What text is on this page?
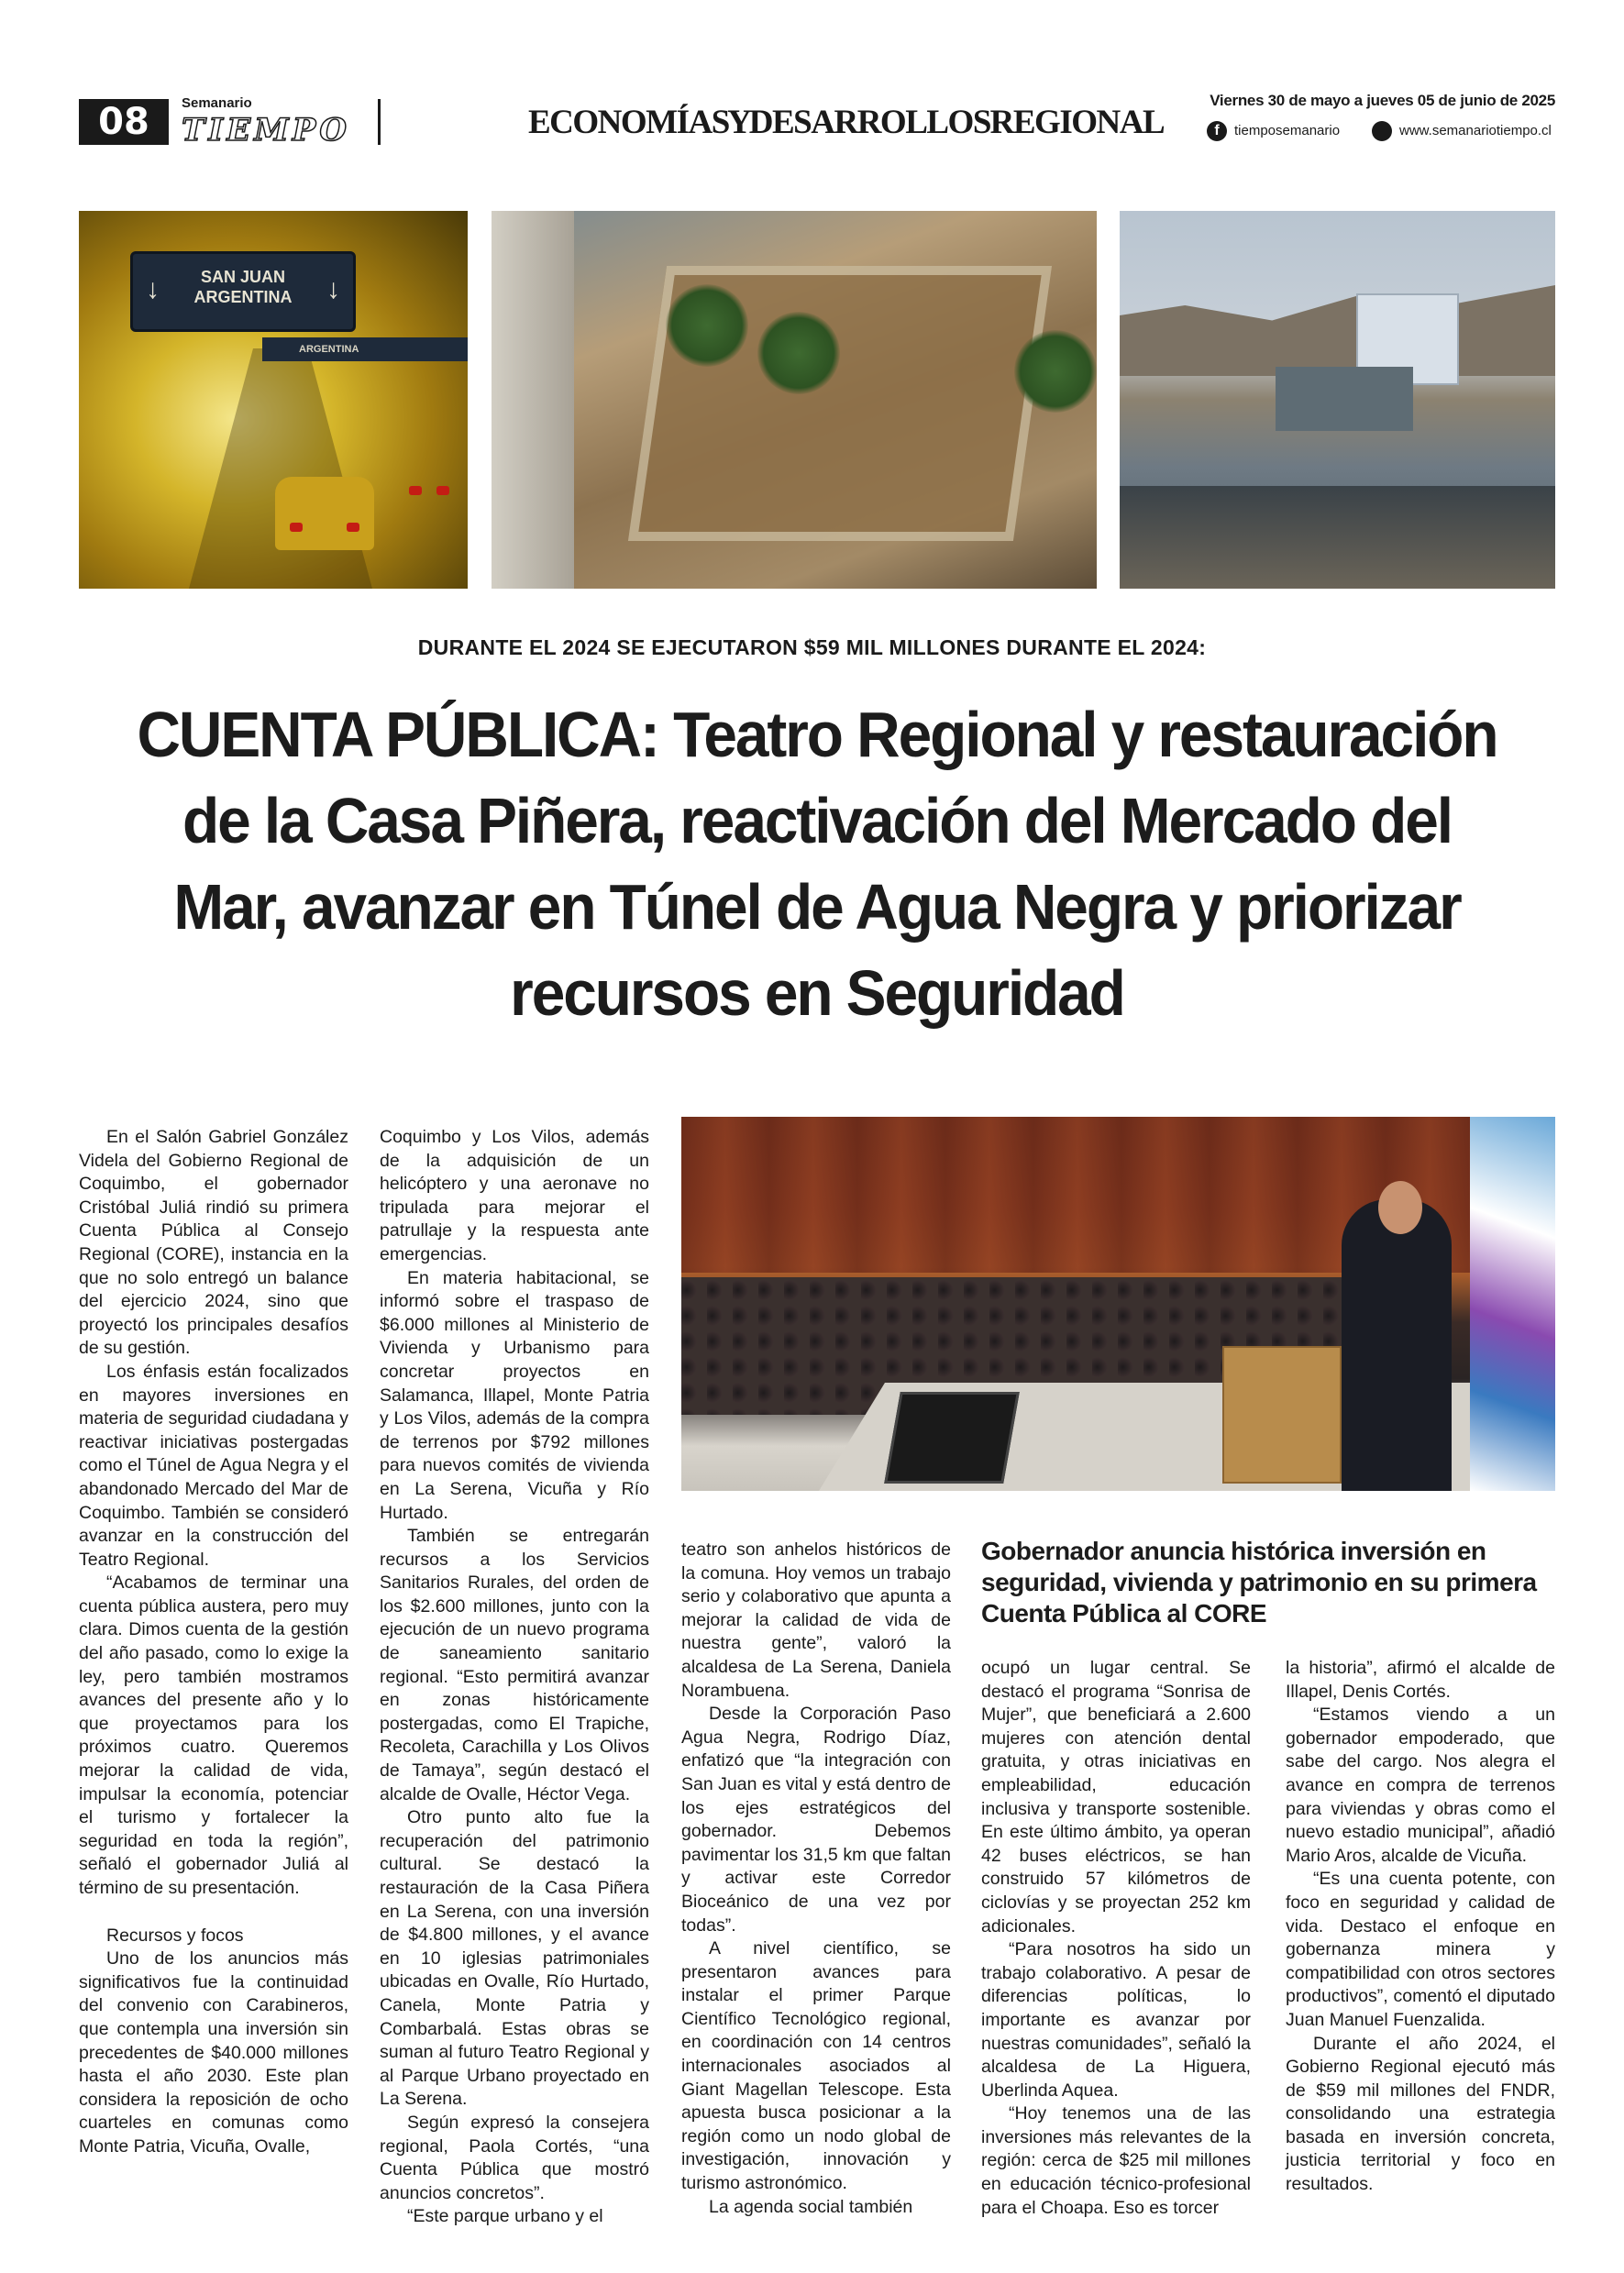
08	Semanario
TIEMPO	ECONOMÍAS Y DESARROLLOS REGIONAL
Viernes 30 de mayo a jueves 05 de junio de 2025
f	tiemposemanario	www.semanariotiempo.cl
↓	SAN JUAN
ARGENTINA	↓
ARGENTINA
DURANTE EL 2024 SE EJECUTARON $59 MIL MILLONES DURANTE EL 2024:
CUENTA PÚBLICA: Teatro Regional y restauración de la Casa Piñera, reactivación del Mercado del Mar, avanzar en Túnel de Agua Negra y priorizar recursos en Seguridad

En el Salón Gabriel González Videla del Gobierno Regional de Coquimbo, el gobernador Cristóbal Juliá rindió su primera Cuenta Pública al Consejo Regional (CORE), instancia en la que no solo entregó un balance del ejercicio 2024, sino que proyectó los principales desafíos de su gestión.

Los énfasis están focalizados en mayores inversiones en materia de seguridad ciudadana y reactivar iniciativas postergadas como el Túnel de Agua Negra y el abandonado Mercado del Mar de Coquimbo. También se consideró avanzar en la construcción del Teatro Regional.

“Acabamos de terminar una cuenta pública austera, pero muy clara. Dimos cuenta de la gestión del año pasado, como lo exige la ley, pero también mostramos avances del presente año y lo que proyectamos para los próximos cuatro. Queremos mejorar la calidad de vida, impulsar la economía, potenciar el turismo y fortalecer la seguridad en toda la región”, señaló el gobernador Juliá al término de su presentación.

Recursos y focos

Uno de los anuncios más significativos fue la continuidad del convenio con Carabineros, que contempla una inversión sin precedentes de $40.000 millones hasta el año 2030. Este plan considera la reposición de ocho cuarteles en comunas como Monte Patria, Vicuña, Ovalle,

Coquimbo y Los Vilos, además de la adquisición de un helicóptero y una aeronave no tripulada para mejorar el patrullaje y la respuesta ante emergencias.

En materia habitacional, se informó sobre el traspaso de $6.000 millones al Ministerio de Vivienda y Urbanismo para concretar proyectos en Salamanca, Illapel, Monte Patria y Los Vilos, además de la compra de terrenos por $792 millones para nuevos comités de vivienda en La Serena, Vicuña y Río Hurtado.

También se entregarán recursos a los Servicios Sanitarios Rurales, del orden de los $2.600 millones, junto con la ejecución de un nuevo programa de saneamiento sanitario regional. “Esto permitirá avanzar en zonas históricamente postergadas, como El Trapiche, Recoleta, Carachilla y Los Olivos de Tamaya”, según destacó el alcalde de Ovalle, Héctor Vega.

Otro punto alto fue la recuperación del patrimonio cultural. Se destacó la restauración de la Casa Piñera en La Serena, con una inversión de $4.800 millones, y el avance en 10 iglesias patrimoniales ubicadas en Ovalle, Río Hurtado, Canela, Monte Patria y Combarbalá. Estas obras se suman al futuro Teatro Regional y al Parque Urbano proyectado en La Serena.

Según expresó la consejera regional, Paola Cortés, “una Cuenta Pública que mostró anuncios concretos”.

“Este parque urbano y el

teatro son anhelos históricos de la comuna. Hoy vemos un trabajo serio y colaborativo que apunta a mejorar la calidad de vida de nuestra gente”, valoró la alcaldesa de La Serena, Daniela Norambuena.

Desde la Corporación Paso Agua Negra, Rodrigo Díaz, enfatizó que “la integración con San Juan es vital y está dentro de los ejes estratégicos del gobernador. Debemos pavimentar los 31,5 km que faltan y activar este Corredor Bioceánico de una vez por todas”.

A nivel científico, se presentaron avances para instalar el primer Parque Científico Tecnológico regional, en coordinación con 14 centros internacionales asociados al Giant Magellan Telescope. Esta apuesta busca posicionar a la región como un nodo global de investigación, innovación y turismo astronómico.

La agenda social también

Gobernador anuncia histórica inversión en seguridad, vivienda y patrimonio en su primera Cuenta Pública al CORE

ocupó un lugar central. Se destacó el programa “Sonrisa de Mujer”, que beneficiará a 2.600 mujeres con atención dental gratuita, y otras iniciativas en empleabilidad, educación inclusiva y transporte sostenible. En este último ámbito, ya operan 42 buses eléctricos, se han construido 57 kilómetros de ciclovías y se proyectan 252 km adicionales.

“Para nosotros ha sido un trabajo colaborativo. A pesar de diferencias políticas, lo importante es avanzar por nuestras comunidades”, señaló la alcaldesa de La Higuera, Uberlinda Aquea.

“Hoy tenemos una de las inversiones más relevantes de la región: cerca de $25 mil millones en educación técnico-profesional para el Choapa. Eso es torcer

la historia”, afirmó el alcalde de Illapel, Denis Cortés.

“Estamos viendo a un gobernador empoderado, que sabe del cargo. Nos alegra el avance en compra de terrenos para viviendas y obras como el nuevo estadio municipal”, añadió Mario Aros, alcalde de Vicuña.

“Es una cuenta potente, con foco en seguridad y calidad de vida. Destaco el enfoque en gobernanza minera y compatibilidad con otros sectores productivos”, comentó el diputado Juan Manuel Fuenzalida.

Durante el año 2024, el Gobierno Regional ejecutó más de $59 mil millones del FNDR, consolidando una estrategia basada en inversión concreta, justicia territorial y foco en resultados.
